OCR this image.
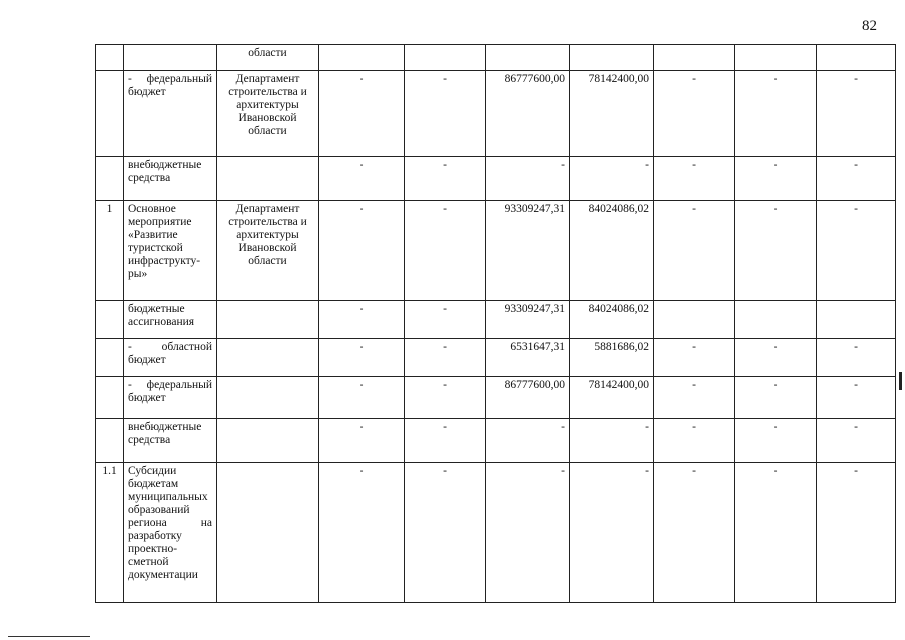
82
		области							
	- федеральный бюджет	Департамент строительства и архитектуры Ивановской области	-	-	86777600,00	78142400,00	-	-	-
	внебюджетные средства		-	-	-	-	-	-	-
1	Основное мероприятие «Развитие туристской инфраструкту-ры»	Департамент строительства и архитектуры Ивановской области	-	-	93309247,31	84024086,02	-	-	-
	бюджетные ассигнования		-	-	93309247,31	84024086,02			
	- областной бюджет		-	-	6531647,31	5881686,02	-	-	-
	- федеральный бюджет		-	-	86777600,00	78142400,00	-	-	-
	внебюджетные средства		-	-	-	-	-	-	-
1.1	Субсидии бюджетам муниципальных образований региона на разработку проектно-сметной документации		-	-	-	-	-	-	-
